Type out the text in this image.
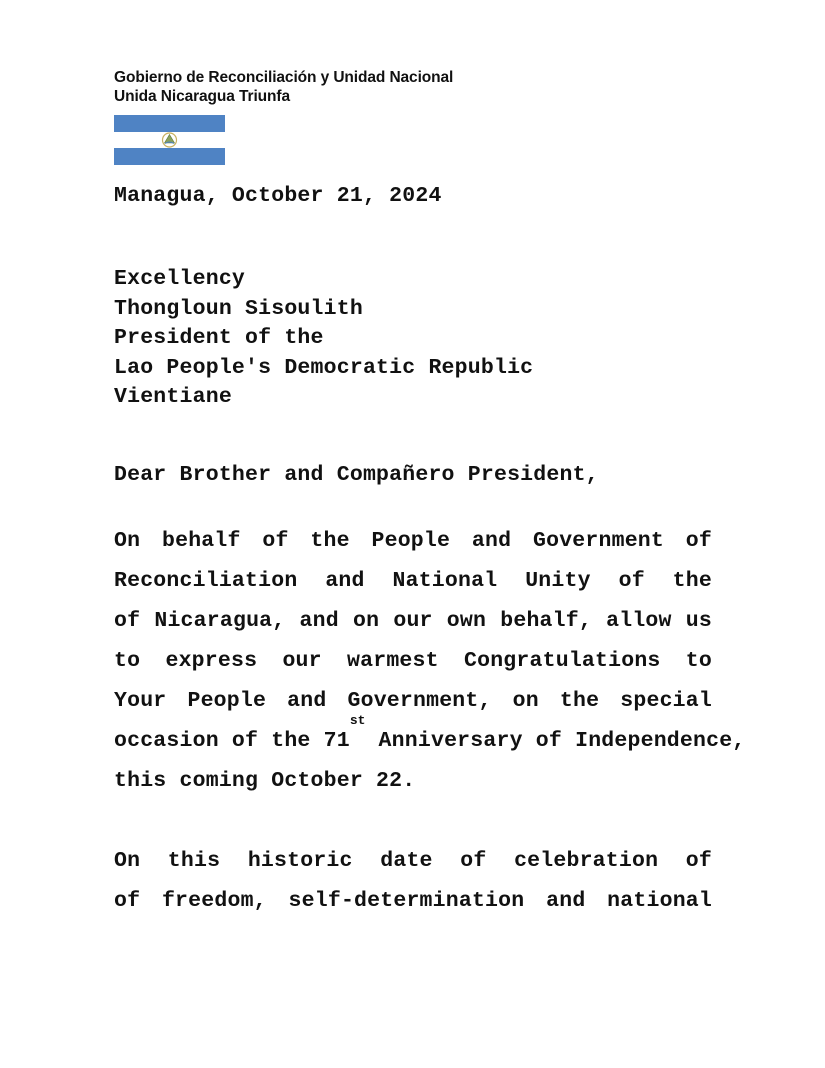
Gobierno de Reconciliación y Unidad Nacional
Unida Nicaragua Triunfa
Managua, October 21, 2024
Excellency
Thongloun Sisoulith
President of the
Lao People's Democratic Republic
Vientiane
Dear Brother and Compañero President,
On behalf of the People and Government of
Reconciliation and National Unity of the
of Nicaragua, and on our own behalf, allow us
to express our warmest Congratulations to
Your People and Government, on the special
occasion of the 71st Anniversary of Independence,
this coming October 22.
On this historic date of celebration of
of freedom, self-determination and national
